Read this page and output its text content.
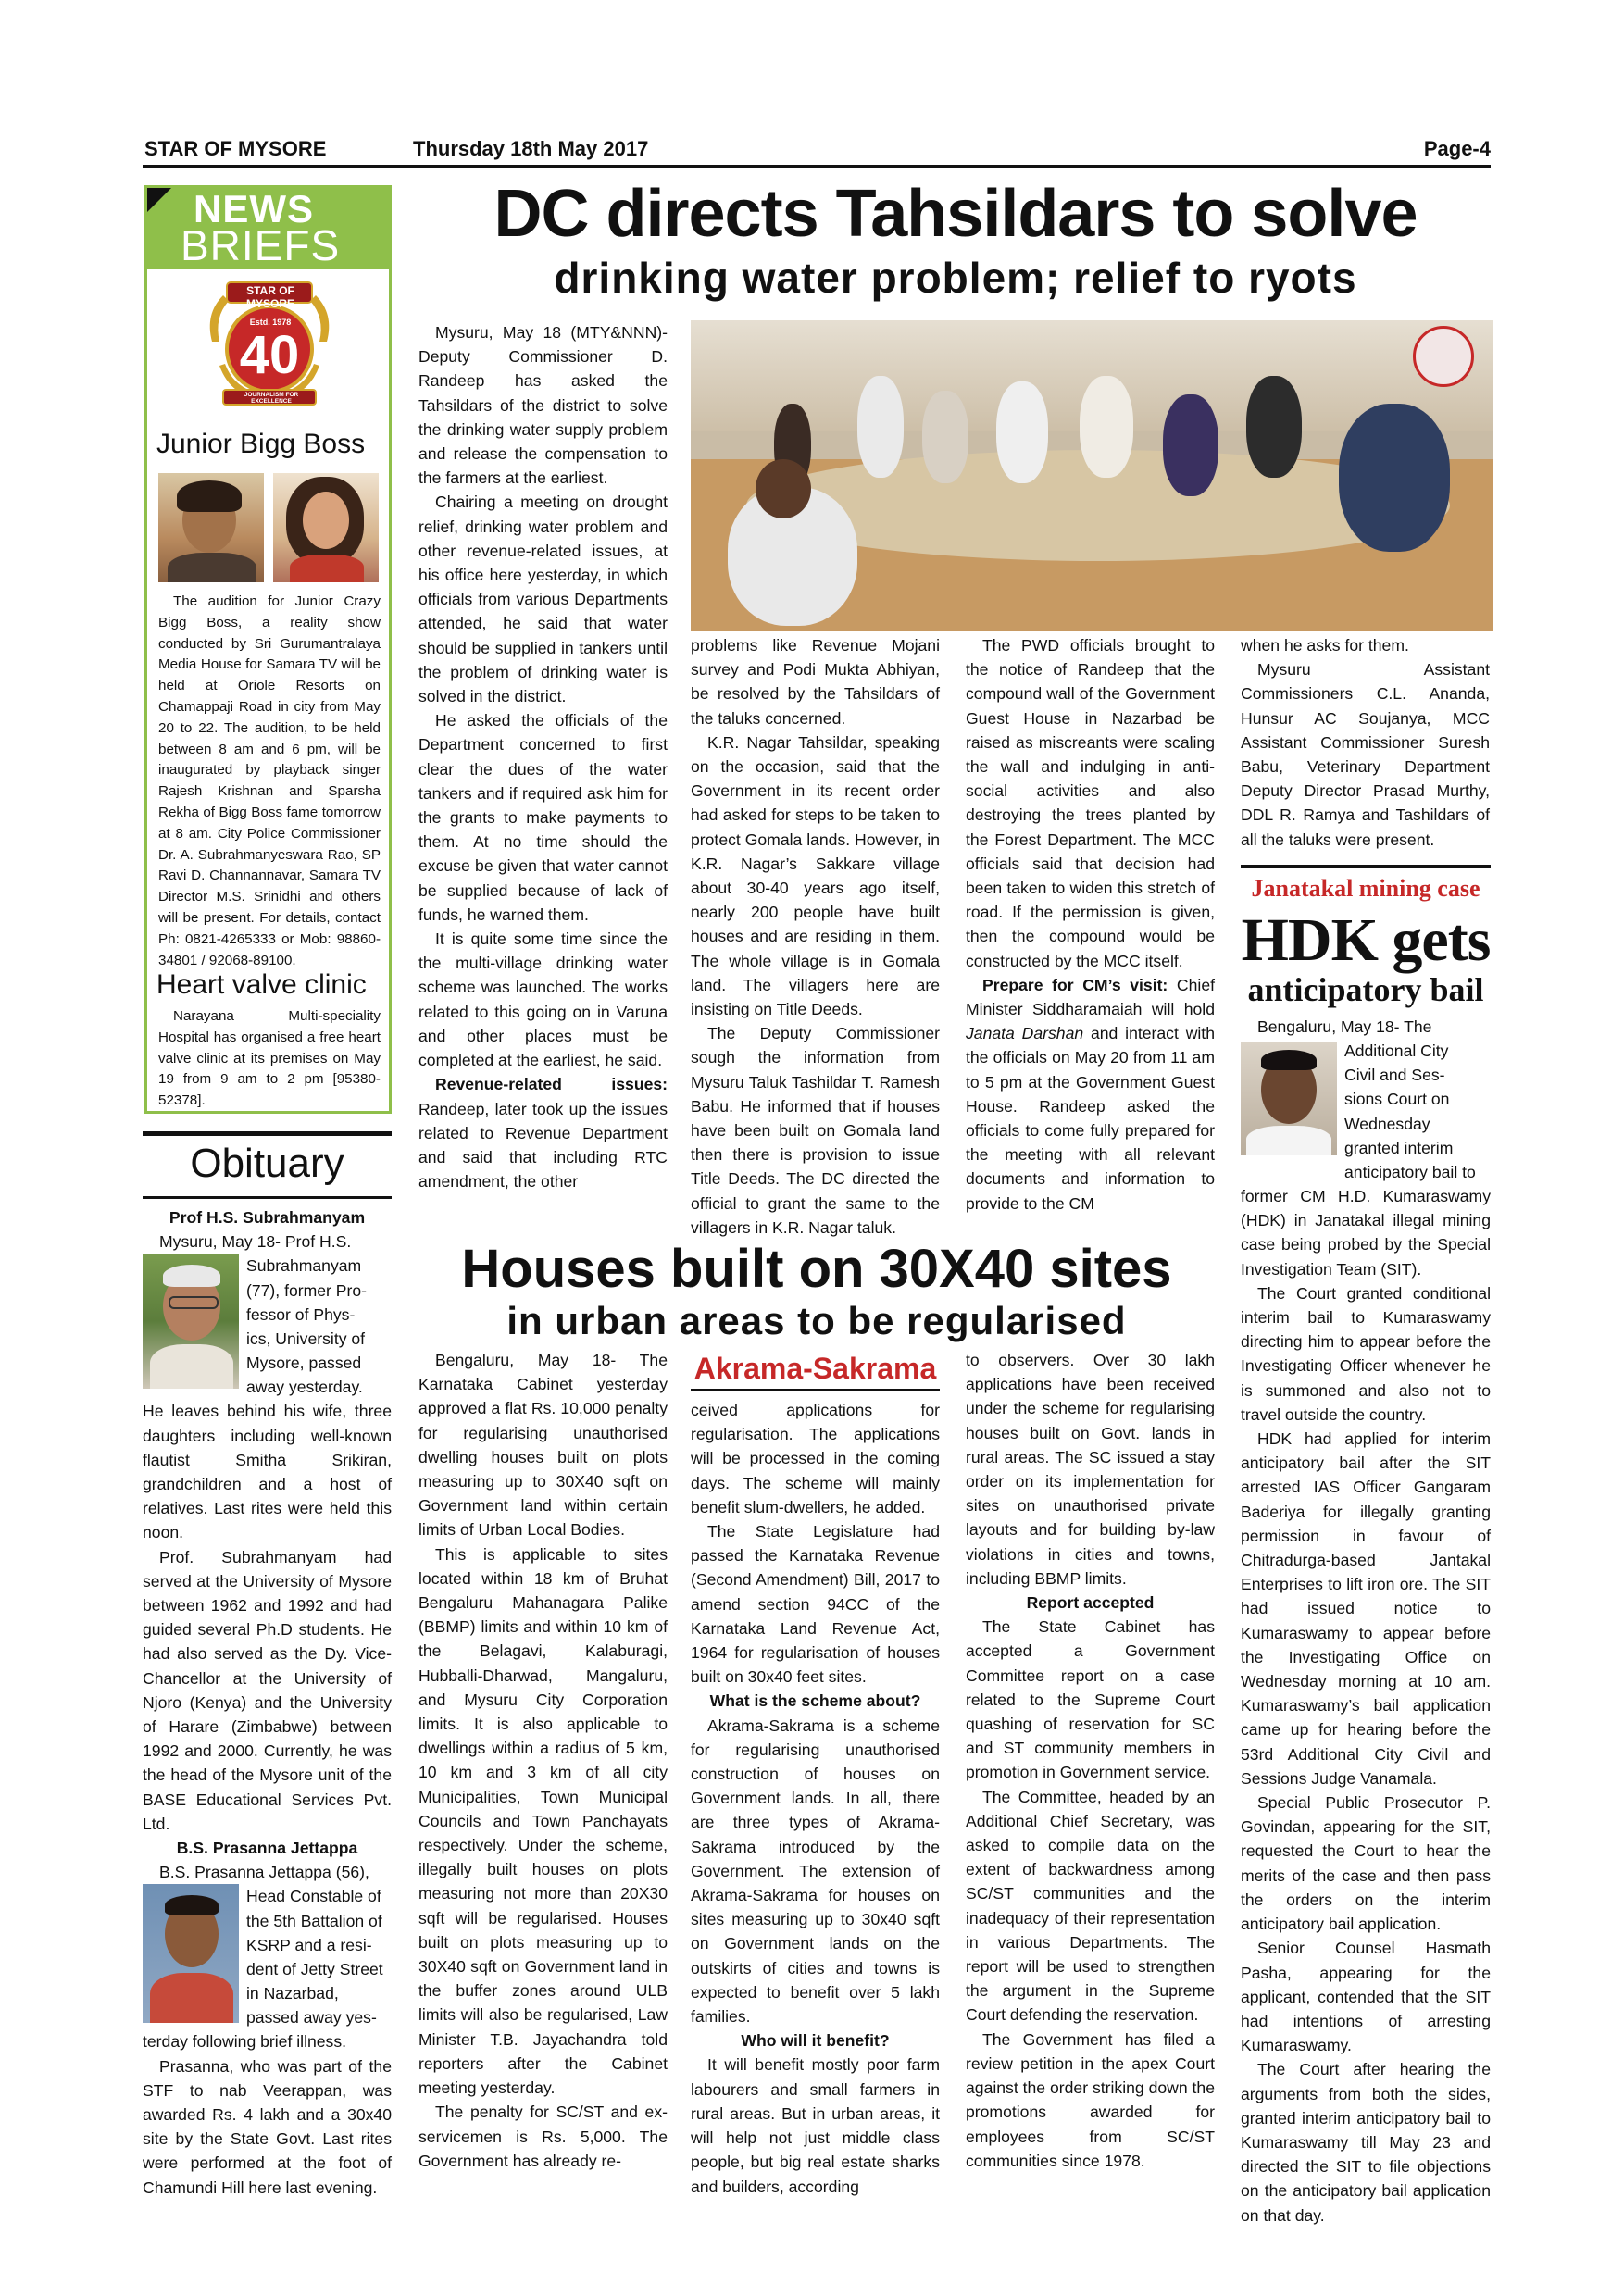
STAR OF MYSORE	Thursday 18th May 2017	Page-4
NEWS
BRIEFS
STAR OF MYSORE
Estd. 1978
40
JOURNALISM FOR EXCELLENCE
Junior Bigg Boss

The audition for Junior Crazy Bigg Boss, a reality show conducted by Sri Gurumantralaya Media House for Samara TV will be held at Oriole Resorts on Chamappaji Road in city from May 20 to 22. The audition, to be held between 8 am and 6 pm, will be inaugurated by playback singer Rajesh Krishnan and Sparsha Rekha of Bigg Boss fame tomorrow at 8 am. City Police Commissioner Dr. A. Subrahmanyeswara Rao, SP Ravi D. Channannavar, Samara TV Director M.S. Srinidhi and others will be present. For details, contact Ph: 0821-4265333 or Mob: 98860-34801 / 92068-89100.

Heart valve clinic

Narayana Multi-speciality Hospital has organised a free heart valve clinic at its premises on May 19 from 9 am to 2 pm [95380-52378].

Obituary

Prof H.S. Subrahmanyam

Mysuru, May 18- Prof H.S.

Subrahmanyam
(77), former Pro-
fessor of Phys-
ics, University of
Mysore, passed
away yesterday.

He leaves behind his wife, three daughters including well-known flautist Smitha Srikiran, grandchildren and a host of relatives. Last rites were held this noon.

Prof. Subrahmanyam had served at the University of Mysore between 1962 and 1992 and had guided several Ph.D students. He had also served as the Dy. Vice-Chancellor at the University of Njoro (Kenya) and the University of Harare (Zimbabwe) between 1992 and 2000. Currently, he was the head of the Mysore unit of the BASE Educational Services Pvt. Ltd.

B.S. Prasanna Jettappa

B.S. Prasanna Jettappa (56),

Head Constable of
the 5th Battalion of
KSRP and a resi-
dent of Jetty Street
in Nazarbad,
passed away yes-

terday following brief illness.

Prasanna, who was part of the STF to nab Veerappan, was awarded Rs. 4 lakh and a 30x40 site by the State Govt. Last rites were performed at the foot of Chamundi Hill here last evening.

DC directs Tahsildars to solve
drinking water problem; relief to ryots

Mysuru, May 18 (MTY&NNN)- Deputy Commissioner D. Randeep has asked the Tahsildars of the district to solve the drinking water supply problem and release the compensation to the farmers at the earliest.

Chairing a meeting on drought relief, drinking water problem and other revenue-related issues, at his office here yesterday, in which officials from various Departments attended, he said that water should be supplied in tankers until the problem of drinking water is solved in the district.

He asked the officials of the Department concerned to first clear the dues of the water tankers and if required ask him for the grants to make payments to them. At no time should the excuse be given that water cannot be supplied because of lack of funds, he warned them.

It is quite some time since the the multi-village drinking water scheme was launched. The works related to this going on in Varuna and other places must be completed at the earliest, he said.

Revenue-related issues: Randeep, later took up the issues related to Revenue Department and said that including RTC amendment, the other

problems like Revenue Mojani survey and Podi Mukta Abhiyan, be resolved by the Tahsildars of the taluks concerned.

K.R. Nagar Tahsildar, speaking on the occasion, said that the Government in its recent order had asked for steps to be taken to protect Gomala lands. However, in K.R. Nagar’s Sakkare village about 30-40 years ago itself, nearly 200 people have built houses and are residing in them. The whole village is in Gomala land. The villagers here are insisting on Title Deeds.

The Deputy Commissioner sough the information from Mysuru Taluk Tashildar T. Ramesh Babu. He informed that if houses have been built on Gomala land then there is provision to issue Title Deeds. The DC directed the official to grant the same to the villagers in K.R. Nagar taluk.

The PWD officials brought to the notice of Randeep that the compound wall of the Government Guest House in Nazarbad be raised as miscreants were scaling the wall and indulging in anti-social activities and also destroying the trees planted by the Forest Department. The MCC officials said that decision had been taken to widen this stretch of road. If the permission is given, then the compound would be constructed by the MCC itself.

Prepare for CM’s visit: Chief Minister Siddharamaiah will hold Janata Darshan and interact with the officials on May 20 from 11 am to 5 pm at the Government Guest House. Randeep asked the officials to come fully prepared for the meeting with all relevant documents and information to provide to the CM

when he asks for them.

Mysuru Assistant Commissioners C.L. Ananda, Hunsur AC Soujanya, MCC Assistant Commissioner Suresh Babu, Veterinary Department Deputy Director Prasad Murthy, DDL R. Ramya and Tashildars of all the taluks were present.

Janatakal mining case
HDK gets
anticipatory bail
Bengaluru, May 18- The
Additional City
Civil and Ses-
sions Court on
Wednesday
granted interim
anticipatory bail to

former CM H.D. Kumaraswamy (HDK) in Janatakal illegal mining case being probed by the Special Investigation Team (SIT).

The Court granted conditional interim bail to Kumaraswamy directing him to appear before the Investigating Officer whenever he is summoned and also not to travel outside the country.

HDK had applied for interim anticipatory bail after the SIT arrested IAS Officer Gangaram Baderiya for illegally granting permission in favour of Chitradurga-based Jantakal Enterprises to lift iron ore. The SIT had issued notice to Kumaraswamy to appear before the Investigating Office on Wednesday morning at 10 am. Kumaraswamy’s bail application came up for hearing before the 53rd Additional City Civil and Sessions Judge Vanamala.

Special Public Prosecutor P. Govindan, appearing for the SIT, requested the Court to hear the merits of the case and then pass the orders on the interim anticipatory bail application.

Senior Counsel Hasmath Pasha, appearing for the applicant, contended that the SIT had intentions of arresting Kumaraswamy.

The Court after hearing the arguments from both the sides, granted interim anticipatory bail to Kumaraswamy till May 23 and directed the SIT to file objections on the anticipatory bail application on that day.

Houses built on 30X40 sites
in urban areas to be regularised
Akrama-Sakrama

Bengaluru, May 18- The Karnataka Cabinet yesterday approved a flat Rs. 10,000 penalty for regularising unauthorised dwelling houses built on plots measuring up to 30X40 sqft on Government land within certain limits of Urban Local Bodies.

This is applicable to sites located within 18 km of Bruhat Bengaluru Mahanagara Palike (BBMP) limits and within 10 km of the Belagavi, Kalaburagi, Hubballi-Dharwad, Mangaluru, and Mysuru City Corporation limits. It is also applicable to dwellings within a radius of 5 km, 10 km and 3 km of all city Municipalities, Town Municipal Councils and Town Panchayats respectively. Under the scheme, illegally built houses on plots measuring not more than 20X30 sqft will be regularised. Houses built on plots measuring up to 30X40 sqft on Government land in the buffer zones around ULB limits will also be regularised, Law Minister T.B. Jayachandra told reporters after the Cabinet meeting yesterday.

The penalty for SC/ST and ex-servicemen is Rs. 5,000. The Government has already re-

ceived applications for regularisation. The applications will be processed in the coming days. The scheme will mainly benefit slum-dwellers, he added.

The State Legislature had passed the Karnataka Revenue (Second Amendment) Bill, 2017 to amend section 94CC of the Karnataka Land Revenue Act, 1964 for regularisation of houses built on 30x40 feet sites.

What is the scheme about?

Akrama-Sakrama is a scheme for regularising unauthorised construction of houses on Government lands. In all, there are three types of Akrama-Sakrama introduced by the Government. The extension of Akrama-Sakrama for houses on sites measuring up to 30x40 sqft on Government lands on the outskirts of cities and towns is expected to benefit over 5 lakh families.

Who will it benefit?

It will benefit mostly poor farm labourers and small farmers in rural areas. But in urban areas, it will help not just middle class people, but big real estate sharks and builders, according

to observers. Over 30 lakh applications have been received under the scheme for regularising houses built on Govt. lands in rural areas. The SC issued a stay order on its implementation for sites on unauthorised private layouts and for building by-law violations in cities and towns, including BBMP limits.

Report accepted

The State Cabinet has accepted a Government Committee report on a case related to the Supreme Court quashing of reservation for SC and ST community members in promotion in Government service.

The Committee, headed by an Additional Chief Secretary, was asked to compile data on the extent of backwardness among SC/ST communities and the inadequacy of their representation in various Departments. The report will be used to strengthen the argument in the Supreme Court defending the reservation.

The Government has filed a review petition in the apex Court against the order striking down the promotions awarded for employees from SC/ST communities since 1978.
